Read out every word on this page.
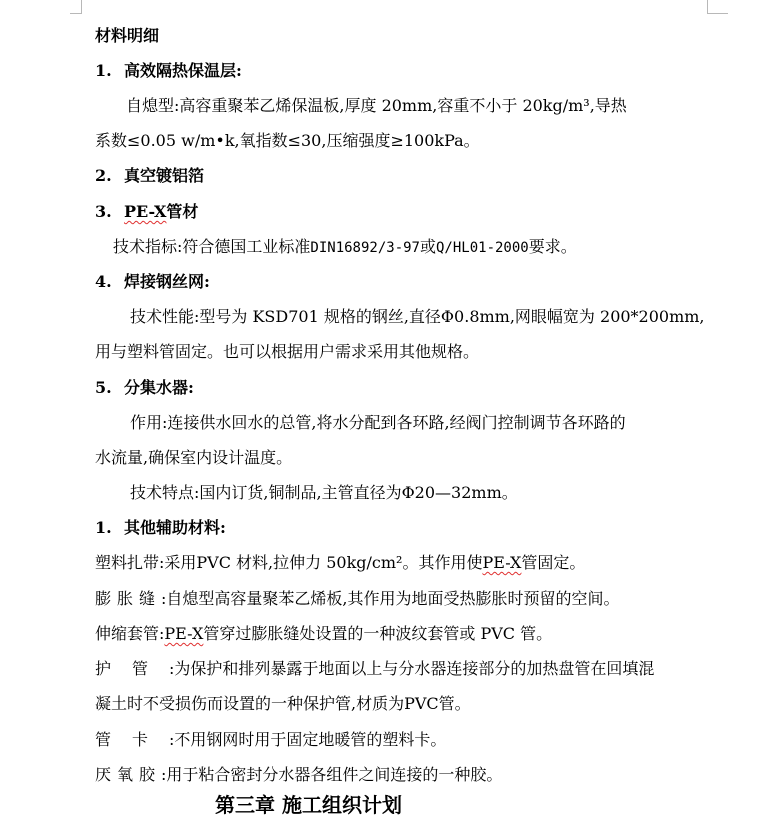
材料明细
1. 高效隔热保温层:
自熄型:高容重聚苯乙烯保温板,厚度 20mm,容重不小于 20kg/m³,导热
系数≤0.05 w/m•k,氧指数≤30,压缩强度≥100kPa。
2. 真空镀铝箔
3. PE-X管材
技术指标:符合德国工业标准DIN16892/3-97或Q/HL01-2000要求。
4. 焊接钢丝网:
技术性能:型号为 KSD701 规格的钢丝,直径Φ0.8mm,网眼幅宽为 200*200mm,
用与塑料管固定。也可以根据用户需求采用其他规格。
5. 分集水器:
作用:连接供水回水的总管,将水分配到各环路,经阀门控制调节各环路的
水流量,确保室内设计温度。
技术特点:国内订货,铜制品,主管直径为Φ20—32mm。
1. 其他辅助材料:
塑料扎带:采用PVC 材料,拉伸力 50kg/cm²。其作用使PE-X管固定。
膨胀缝:自熄型高容量聚苯乙烯板,其作用为地面受热膨胀时预留的空间。
伸缩套管:PE-X管穿过膨胀缝处设置的一种波纹套管或 PVC 管。
护管:为保护和排列暴露于地面以上与分水器连接部分的加热盘管在回填混
凝土时不受损伤而设置的一种保护管,材质为PVC管。
管卡:不用钢网时用于固定地暖管的塑料卡。
厌氧胶:用于粘合密封分水器各组件之间连接的一种胶。
第三章 施工组织计划
